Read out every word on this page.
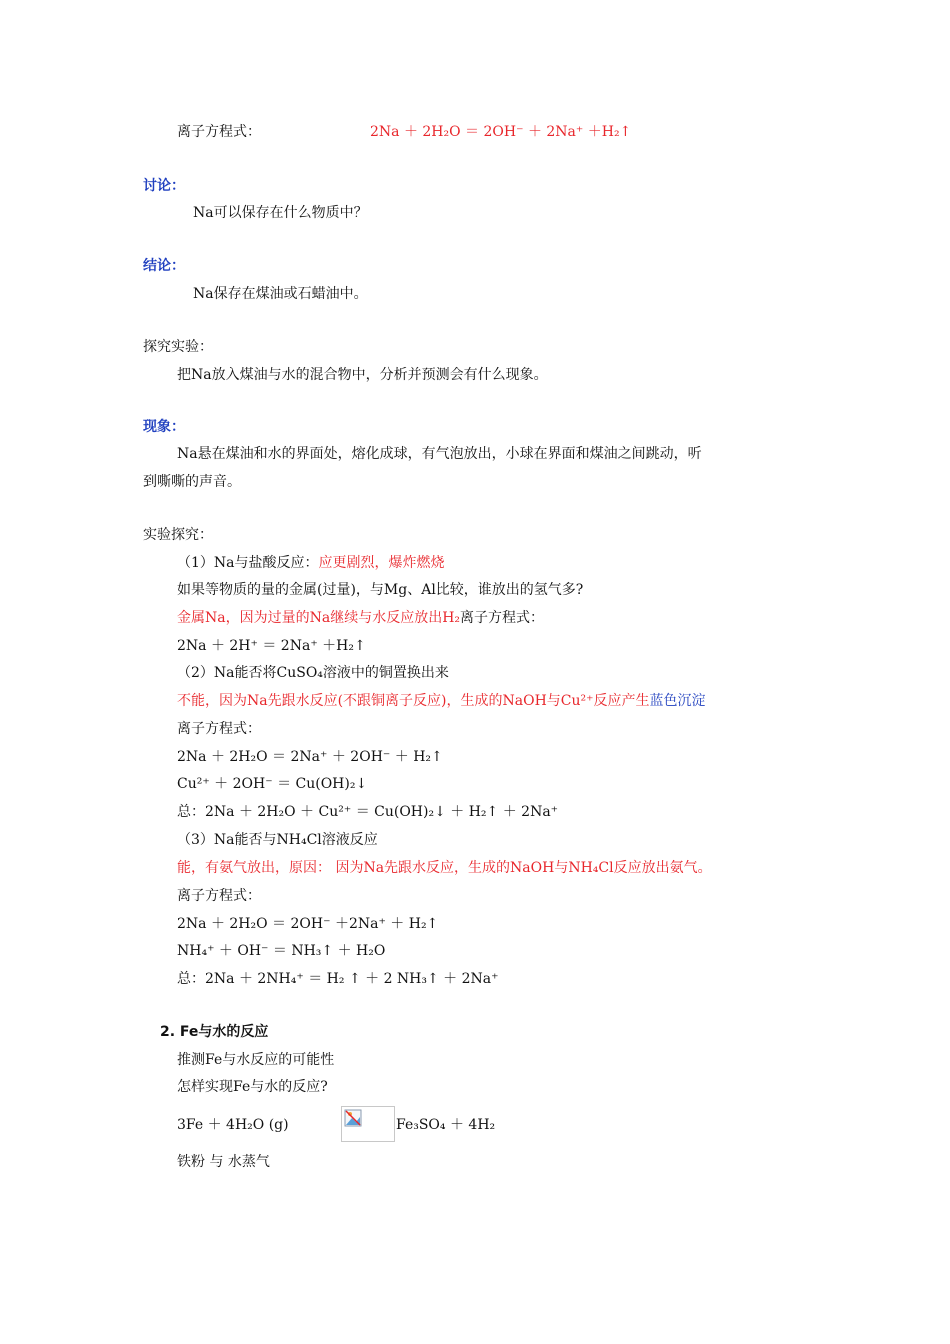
离子方程式：	2Na ＋ 2H₂O ＝ 2OH⁻ ＋ 2Na⁺ ＋H₂↑
讨论：
Na可以保存在什么物质中？
结论：
Na保存在煤油或石蜡油中。
探究实验：
把Na放入煤油与水的混合物中，分析并预测会有什么现象。
现象：
Na悬在煤油和水的界面处，熔化成球，有气泡放出，小球在界面和煤油之间跳动，听
到嘶嘶的声音。
实验探究：
（1）Na与盐酸反应：应更剧烈，爆炸燃烧
如果等物质的量的金属(过量)，与Mg、Al比较，谁放出的氢气多?
金属Na，因为过量的Na继续与水反应放出H₂离子方程式：
2Na ＋ 2H⁺ ＝ 2Na⁺ ＋H₂↑
（2）Na能否将CuSO₄溶液中的铜置换出来
不能，因为Na先跟水反应(不跟铜离子反应)，生成的NaOH与Cu²⁺反应产生蓝色沉淀
离子方程式：
2Na ＋ 2H₂O ＝ 2Na⁺ ＋ 2OH⁻ ＋ H₂↑
Cu²⁺ ＋ 2OH⁻ ＝ Cu(OH)₂↓
总：2Na ＋ 2H₂O ＋ Cu²⁺ ＝ Cu(OH)₂↓ ＋ H₂↑ ＋ 2Na⁺
（3）Na能否与NH₄Cl溶液反应
能，有氨气放出，原因： 因为Na先跟水反应，生成的NaOH与NH₄Cl反应放出氨气。
离子方程式：
2Na ＋ 2H₂O ＝ 2OH⁻ ＋2Na⁺ ＋ H₂↑
NH₄⁺ ＋ OH⁻ ＝ NH₃↑ ＋ H₂O
总：2Na ＋ 2NH₄⁺ ＝ H₂ ↑ ＋ 2 NH₃↑ ＋ 2Na⁺
2. Fe与水的反应
推测Fe与水反应的可能性
怎样实现Fe与水的反应?
3Fe ＋ 4H₂O (g)	Fe₃SO₄ ＋ 4H₂
铁粉 与 水蒸气
